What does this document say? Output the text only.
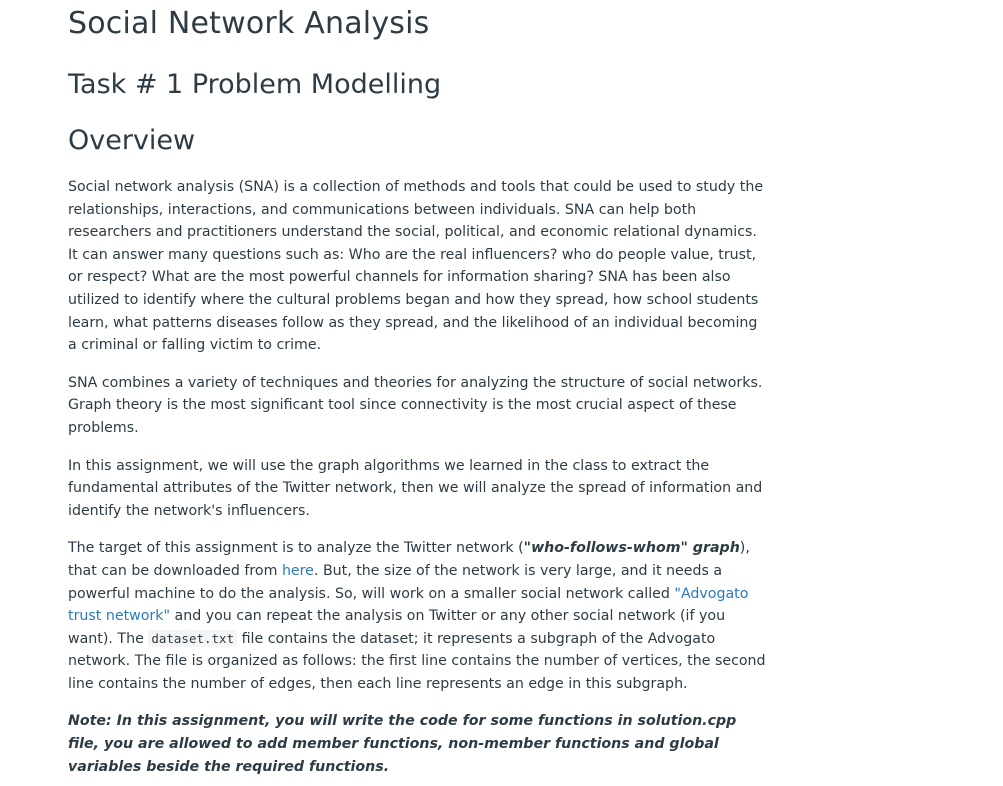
Social Network Analysis
Task # 1 Problem Modelling
Overview

Social network analysis (SNA) is a collection of methods and tools that could be used to study the relationships, interactions, and communications between individuals. SNA can help both researchers and practitioners understand the social, political, and economic relational dynamics. It can answer many questions such as: Who are the real influencers? who do people value, trust, or respect? What are the most powerful channels for information sharing? SNA has been also utilized to identify where the cultural problems began and how they spread, how school students learn, what patterns diseases follow as they spread, and the likelihood of an individual becoming a criminal or falling victim to crime.

SNA combines a variety of techniques and theories for analyzing the structure of social networks. Graph theory is the most significant tool since connectivity is the most crucial aspect of these problems.

In this assignment, we will use the graph algorithms we learned in the class to extract the fundamental attributes of the Twitter network, then we will analyze the spread of information and identify the network's influencers.

The target of this assignment is to analyze the Twitter network ("who-follows-whom" graph), that can be downloaded from here. But, the size of the network is very large, and it needs a powerful machine to do the analysis. So, will work on a smaller social network called "Advogato trust network" and you can repeat the analysis on Twitter or any other social network (if you want). The dataset.txt file contains the dataset; it represents a subgraph of the Advogato network. The file is organized as follows: the first line contains the number of vertices, the second line contains the number of edges, then each line represents an edge in this subgraph.

Note: In this assignment, you will write the code for some functions in solution.cpp file, you are allowed to add member functions, non-member functions and global variables beside the required functions.
